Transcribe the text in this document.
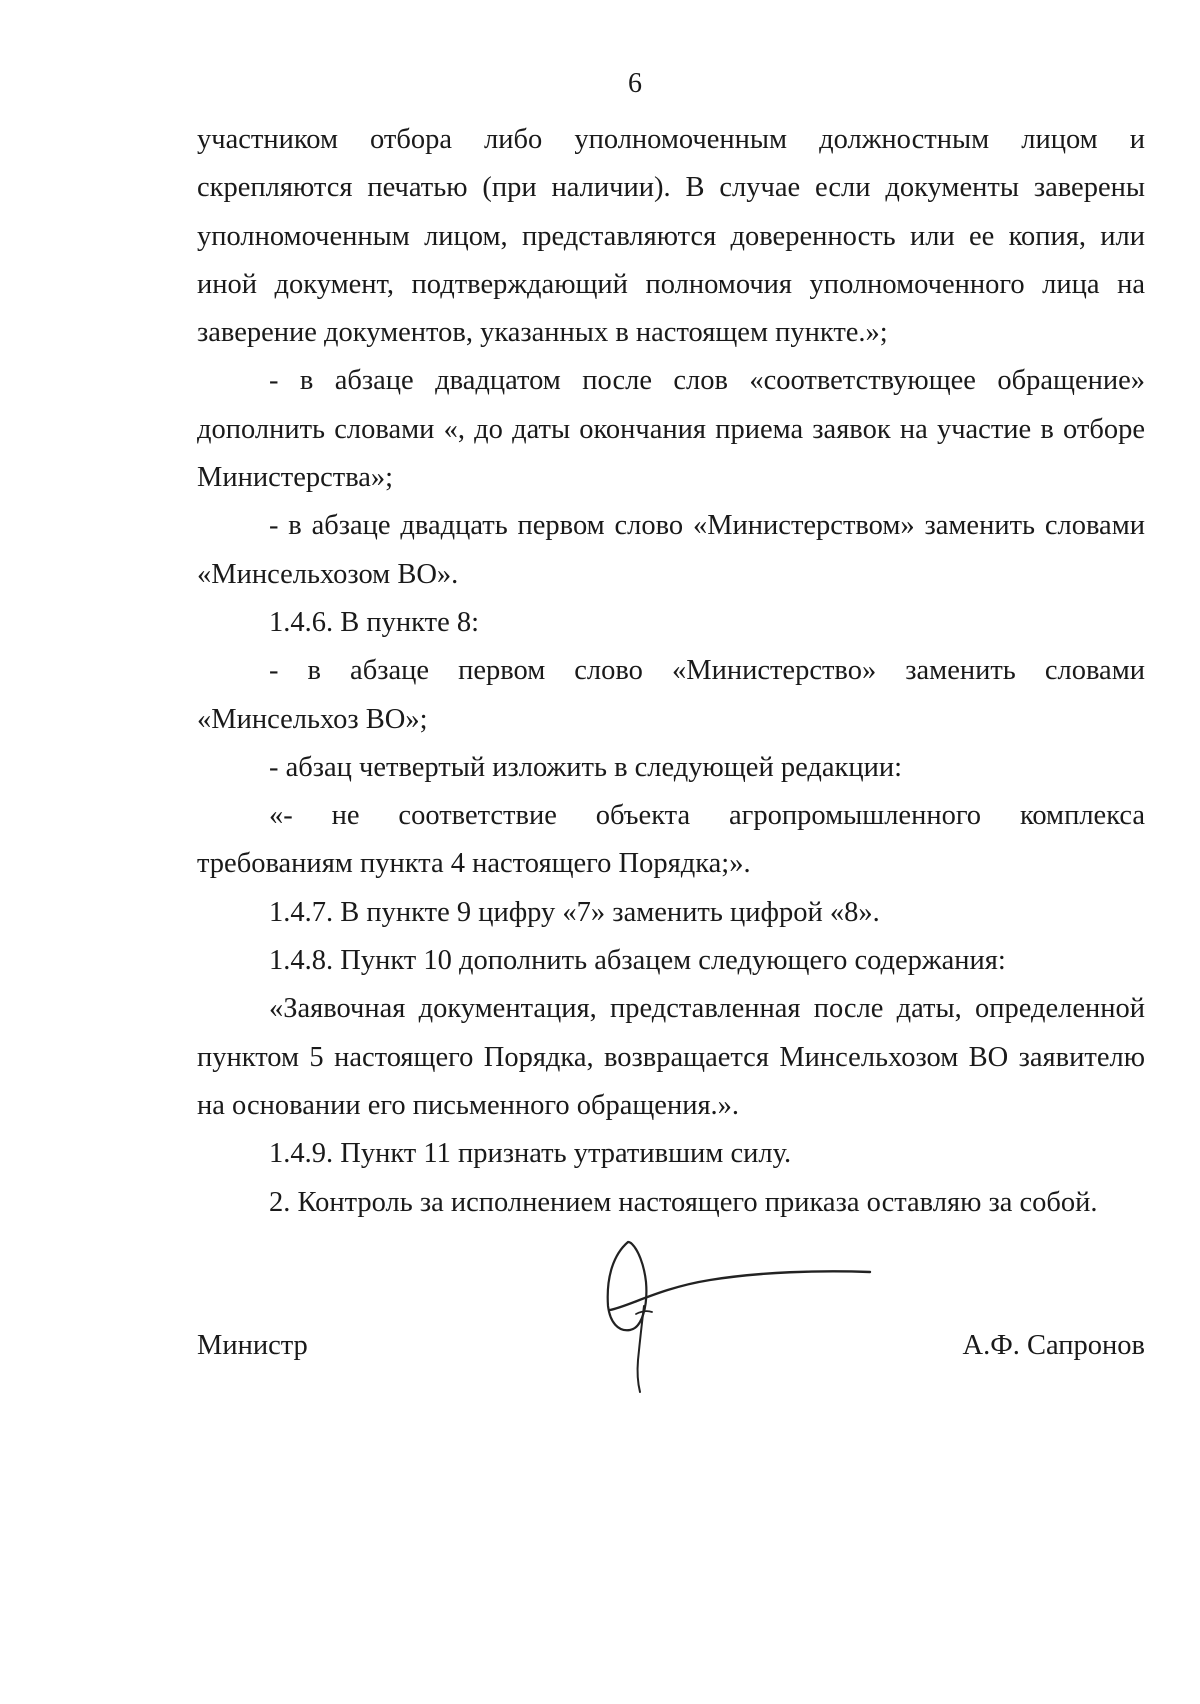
6

участником отбора либо уполномоченным должностным лицом и скрепляются печатью (при наличии). В случае если документы заверены уполномоченным лицом, представляются доверенность или ее копия, или иной документ, подтверждающий полномочия уполномоченного лица на заверение документов, указанных в настоящем пункте.»;

- в абзаце двадцатом после слов «соответствующее обращение» дополнить словами «, до даты окончания приема заявок на участие в отборе Министерства»;

- в абзаце двадцать первом слово «Министерством» заменить словами «Минсельхозом ВО».

1.4.6. В пункте 8:

- в абзаце первом слово «Министерство» заменить словами «Минсельхоз ВО»;

- абзац четвертый изложить в следующей редакции:

«- не соответствие объекта агропромышленного комплекса требованиям пункта 4 настоящего Порядка;».

1.4.7. В пункте 9 цифру «7» заменить цифрой «8».

1.4.8. Пункт 10 дополнить абзацем следующего содержания:

«Заявочная документация, представленная после даты, определенной пунктом 5 настоящего Порядка, возвращается Минсельхозом ВО заявителю на основании его письменного обращения.».

1.4.9. Пункт 11 признать утратившим силу.

2. Контроль за исполнением настоящего приказа оставляю за собой.

Министр	А.Ф. Сапронов
